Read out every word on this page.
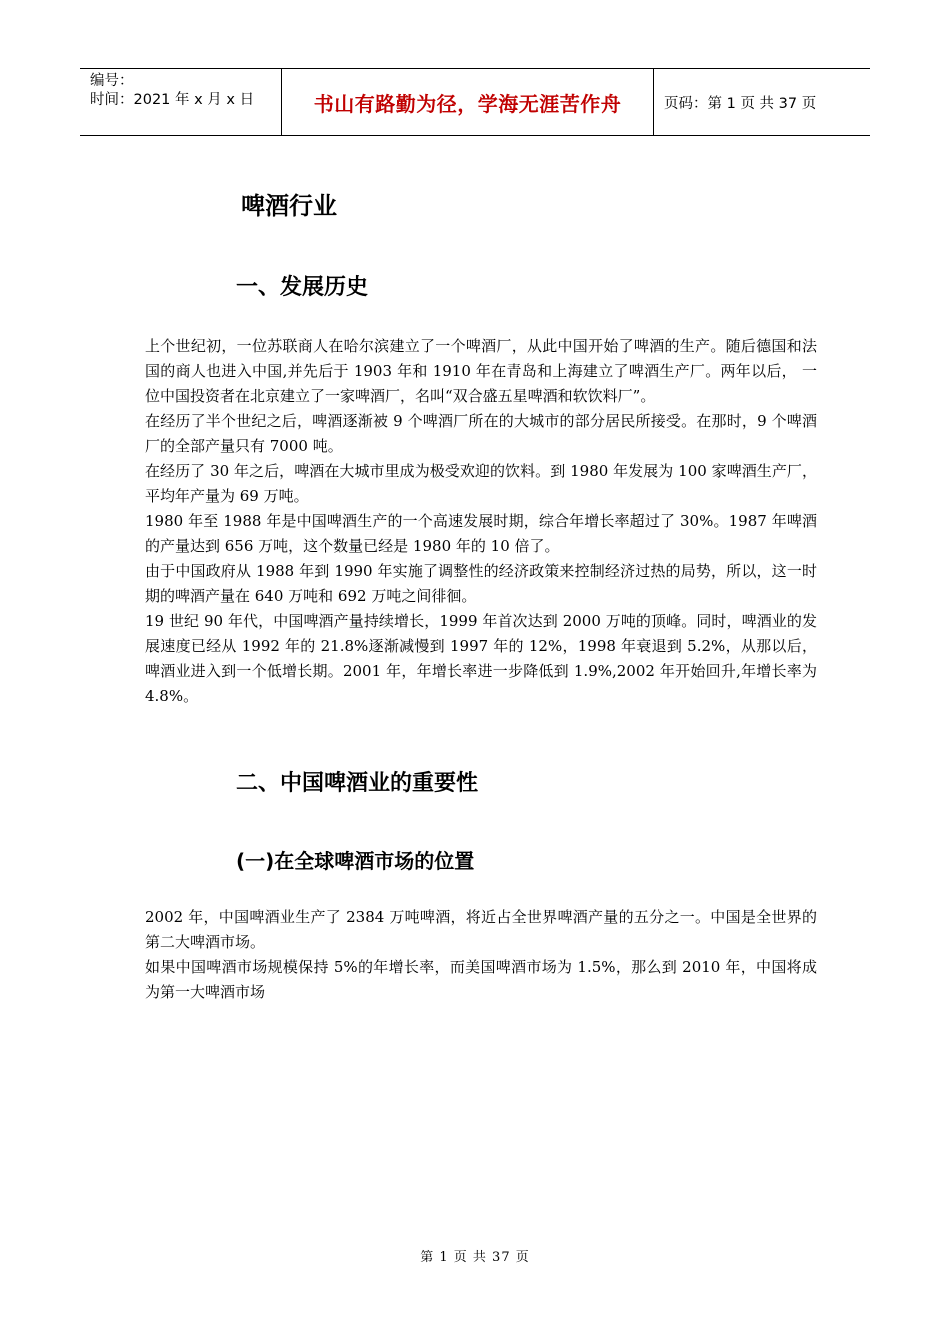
编号：
时间：2021 年 x 月 x 日	书山有路勤为径，学海无涯苦作舟	页码：第 1 页 共 37 页
啤酒行业
一、发展历史

上个世纪初，一位苏联商人在哈尔滨建立了一个啤酒厂，从此中国开始了啤酒的生产。随后德国和法国的商人也进入中国,并先后于 1903 年和 1910 年在青岛和上海建立了啤酒生产厂。两年以后， 一位中国投资者在北京建立了一家啤酒厂，名叫“双合盛五星啤酒和软饮料厂”。

在经历了半个世纪之后，啤酒逐渐被 9 个啤酒厂所在的大城市的部分居民所接受。在那时，9 个啤酒厂的全部产量只有 7000 吨。

在经历了 30 年之后，啤酒在大城市里成为极受欢迎的饮料。到 1980 年发展为 100 家啤酒生产厂，平均年产量为 69 万吨。

1980 年至 1988 年是中国啤酒生产的一个高速发展时期，综合年增长率超过了 30%。1987 年啤酒的产量达到 656 万吨，这个数量已经是 1980 年的 10 倍了。

由于中国政府从 1988 年到 1990 年实施了调整性的经济政策来控制经济过热的局势，所以，这一时期的啤酒产量在 640 万吨和 692 万吨之间徘徊。

19 世纪 90 年代，中国啤酒产量持续增长，1999 年首次达到 2000 万吨的顶峰。同时，啤酒业的发展速度已经从 1992 年的 21.8%逐渐减慢到 1997 年的 12%，1998 年衰退到 5.2%，从那以后，啤酒业进入到一个低增长期。2001 年，年增长率进一步降低到 1.9%,2002 年开始回升,年增长率为 4.8%。

二、中国啤酒业的重要性
(一)在全球啤酒市场的位置

2002 年，中国啤酒业生产了 2384 万吨啤酒，将近占全世界啤酒产量的五分之一。中国是全世界的第二大啤酒市场。

如果中国啤酒市场规模保持 5%的年增长率，而美国啤酒市场为 1.5%，那么到 2010 年，中国将成为第一大啤酒市场

第 1 页 共 37 页
